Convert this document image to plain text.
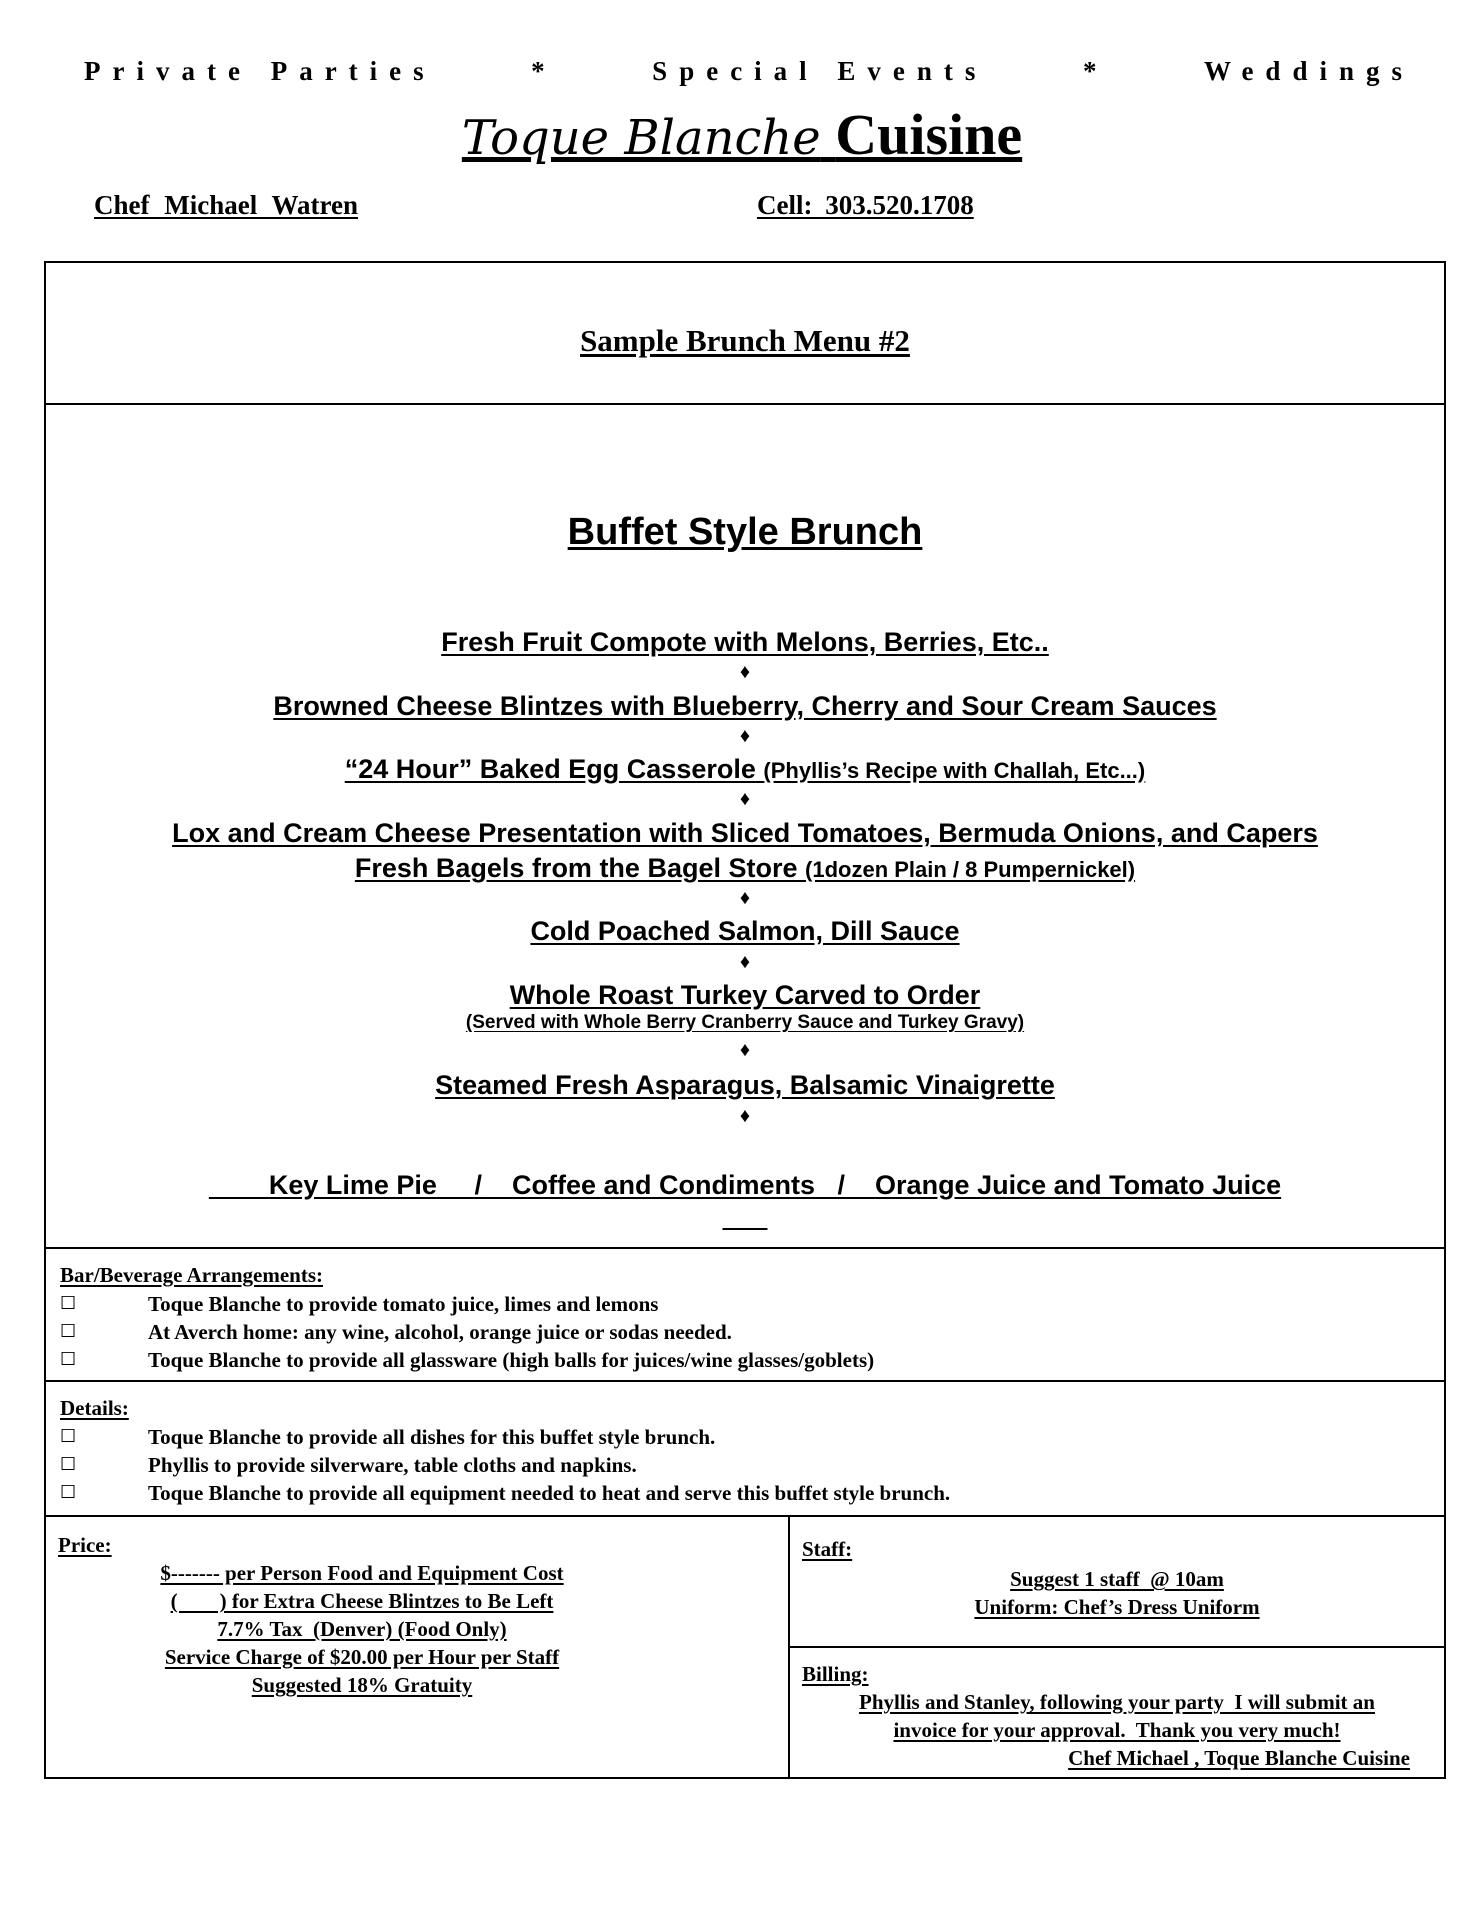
Private Parties	*	Special Events	*	Weddings
Toque Blanche Cuisine
Chef Michael Watren	Cell: 303.520.1708
Sample Brunch Menu #2
Buffet Style Brunch
Fresh Fruit Compote with Melons, Berries, Etc..
♦
Browned Cheese Blintzes with Blueberry, Cherry and Sour Cream Sauces
♦
“24 Hour” Baked Egg Casserole (Phyllis’s Recipe with Challah, Etc...)
♦
Lox and Cream Cheese Presentation with Sliced Tomatoes, Bermuda Onions, and Capers
Fresh Bagels from the Bagel Store (1dozen Plain / 8 Pumpernickel)
♦
Cold Poached Salmon, Dill Sauce
♦
Whole Roast Turkey Carved to Order
(Served with Whole Berry Cranberry Sauce and Turkey Gravy)
♦
Steamed Fresh Asparagus, Balsamic Vinaigrette
♦

Key Lime Pie / Coffee and Condiments / Orange Juice and Tomato Juice

Bar/Beverage Arrangements:
☐	Toque Blanche to provide tomato juice, limes and lemons
☐	At Averch home: any wine, alcohol, orange juice or sodas needed.
☐	Toque Blanche to provide all glassware (high balls for juices/wine glasses/goblets)
Details:
☐	Toque Blanche to provide all dishes for this buffet style brunch.
☐	Phyllis to provide silverware, table cloths and napkins.
☐	Toque Blanche to provide all equipment needed to heat and serve this buffet style brunch.
Price:
$------- per Person Food and Equipment Cost
(        ) for Extra Cheese Blintzes to Be Left
7.7% Tax  (Denver) (Food Only)
Service Charge of $20.00 per Hour per Staff
Suggested 18% Gratuity
Staff:
Suggest 1 staff  @ 10am
Uniform: Chef’s Dress Uniform
Billing:
Phyllis and Stanley, following your party  I will submit an
invoice for your approval.  Thank you very much!
Chef Michael , Toque Blanche Cuisine
